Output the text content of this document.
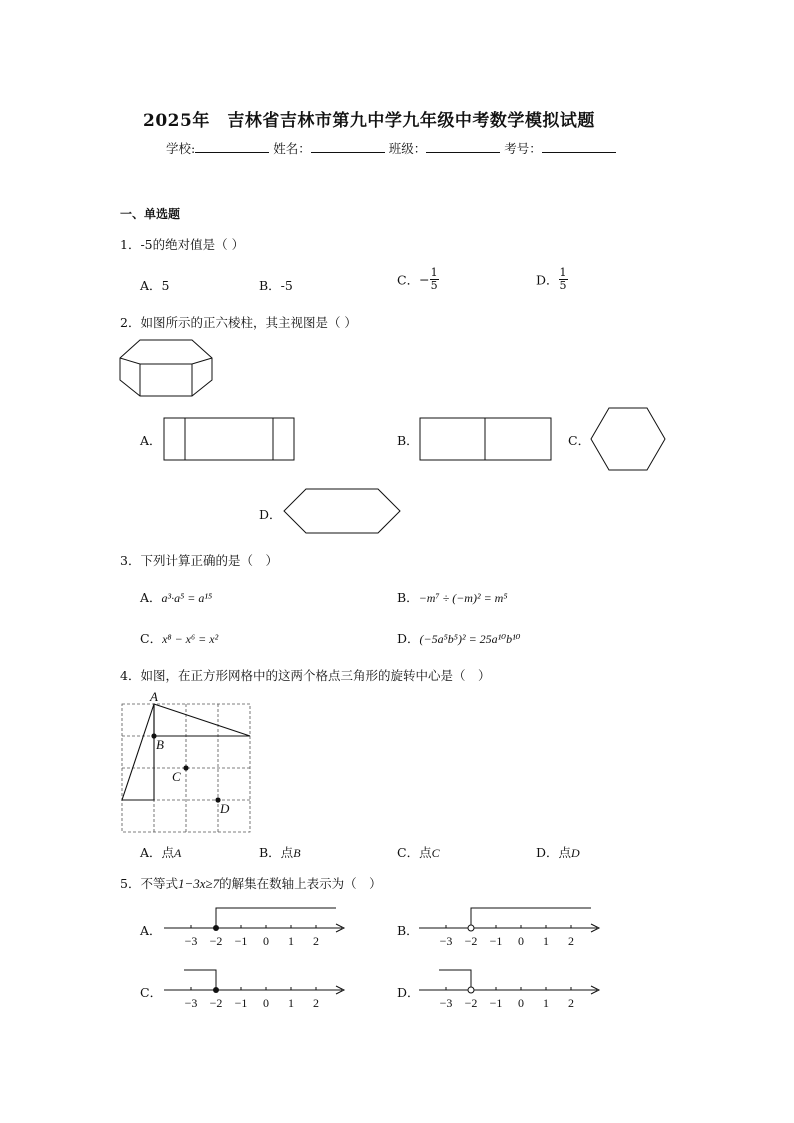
2025年　吉林省吉林市第九中学九年级中考数学模拟试题
学校:	姓名：	班级：	考号：
一、单选题
1．-5的绝对值是（ ）
A．5	B．-5	C．− $\frac{1}{5}$	D． $\frac{1}{5}$
2．如图所示的正六棱柱，其主视图是（ ）
A．	B．	C．
D．
3．下列计算正确的是（　）
A．a³·a⁵ = a¹⁵	B．−m⁷ ÷ (−m)² = m⁵
C．x⁸ − x⁶ = x²	D．(−5a⁵b⁵)² = 25a¹⁰b¹⁰
4．如图，在正方形网格中的这两个格点三角形的旋转中心是（　）
A
B
C
D
A．点A	B．点B	C．点C	D．点D
5．不等式1−3x≥7的解集在数轴上表示为（　）
A．
−3 −2 −1 0 1 2
B．
−3 −2 −1 0 1 2
C．
−3 −2 −1 0 1 2
D．
−3 −2 −1 0 1 2
